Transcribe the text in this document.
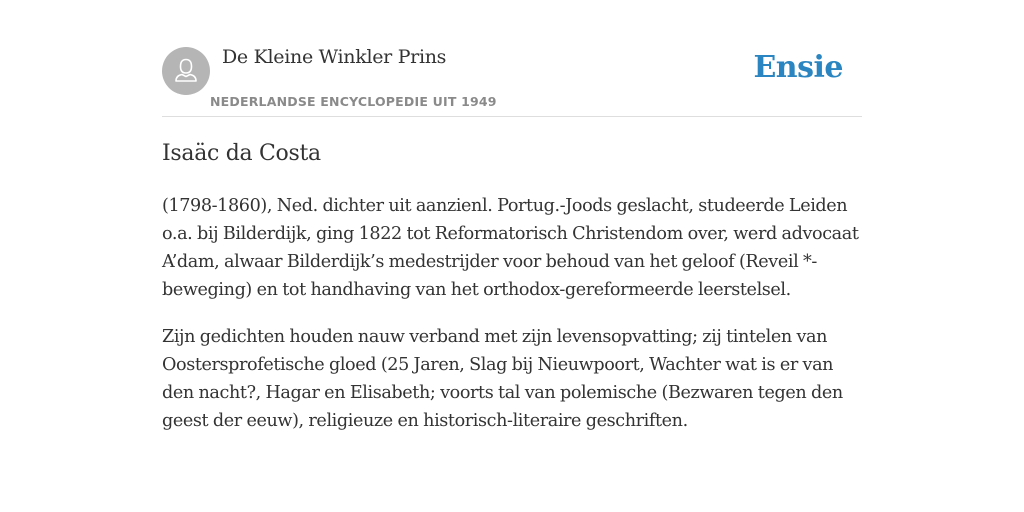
De Kleine Winkler Prins
NEDERLANDSE ENCYCLOPEDIE UIT 1949
Ensie
Isaäc da Costa

(1798-1860), Ned. dichter uit aanzienl. Portug.-Joods geslacht, studeerde Leiden o.a. bij Bilderdijk, ging 1822 tot Reformatorisch Christendom over, werd advocaat A’dam, alwaar Bilderdijk’s medestrijder voor behoud van het geloof (Reveil *-beweging) en tot handhaving van het orthodox-gereformeerde leerstelsel.

Zijn gedichten houden nauw verband met zijn levensopvatting; zij tintelen van Oostersprofetische gloed (25 Jaren, Slag bij Nieuwpoort, Wachter wat is er van den nacht?, Hagar en Elisabeth; voorts tal van polemische (Bezwaren tegen den geest der eeuw), religieuze en historisch-literaire geschriften.
